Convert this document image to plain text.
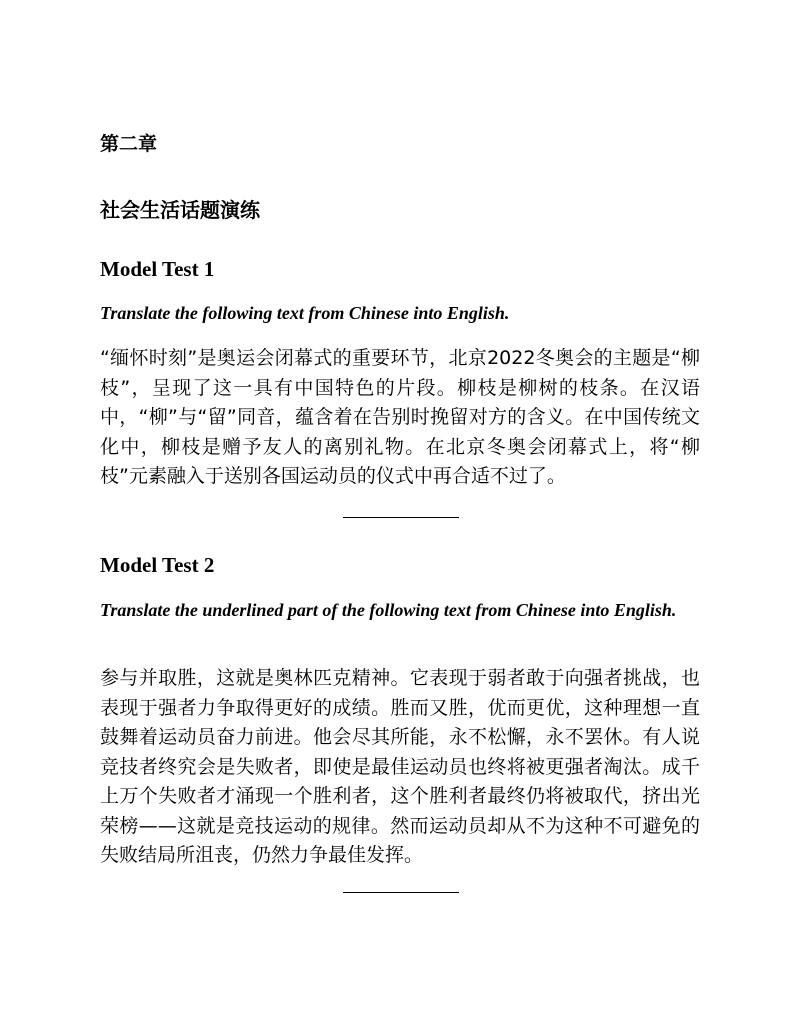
第二章
社会生活话题演练
Model Test 1

Translate the following text from Chinese into English.

“缅怀时刻”是奥运会闭幕式的重要环节，北京2022冬奥会的主题是“柳枝”，呈现了这一具有中国特色的片段。柳枝是柳树的枝条。在汉语中，“柳”与“留”同音，蕴含着在告别时挽留对方的含义。在中国传统文化中，柳枝是赠予友人的离别礼物。在北京冬奥会闭幕式上，将“柳枝”元素融入于送别各国运动员的仪式中再合适不过了。

Model Test 2

Translate the underlined part of the following text from Chinese into English.

参与并取胜，这就是奥林匹克精神。它表现于弱者敢于向强者挑战，也表现于强者力争取得更好的成绩。胜而又胜，优而更优，这种理想一直鼓舞着运动员奋力前进。他会尽其所能，永不松懈，永不罢休。有人说竞技者终究会是失败者，即使是最佳运动员也终将被更强者淘汰。成千上万个失败者才涌现一个胜利者，这个胜利者最终仍将被取代，挤出光荣榜——这就是竞技运动的规律。然而运动员却从不为这种不可避免的失败结局所沮丧，仍然力争最佳发挥。
